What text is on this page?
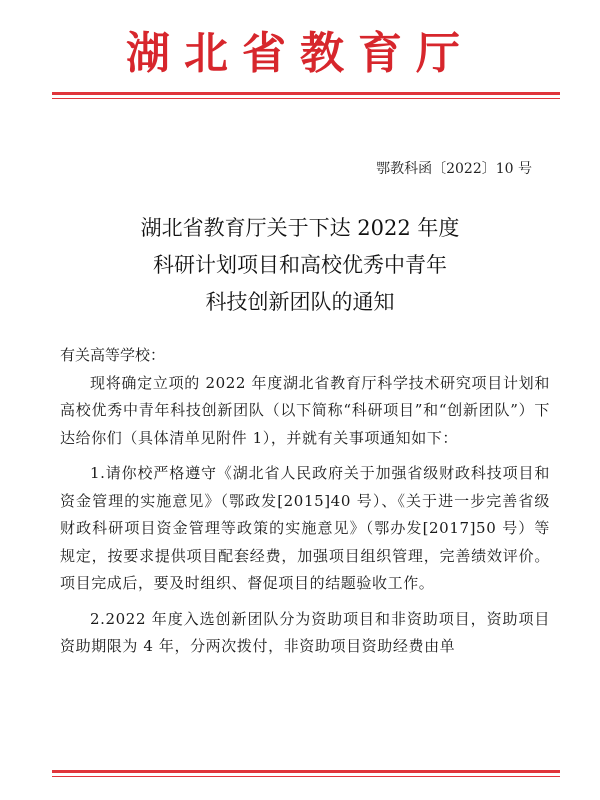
湖北省教育厅
鄂教科函〔2022〕10 号
湖北省教育厅关于下达 2022 年度
科研计划项目和高校优秀中青年
科技创新团队的通知

有关高等学校：

现将确定立项的 2022 年度湖北省教育厅科学技术研究项目计划和高校优秀中青年科技创新团队（以下简称“科研项目”和“创新团队”）下达给你们（具体清单见附件 1），并就有关事项通知如下：

1.请你校严格遵守《湖北省人民政府关于加强省级财政科技项目和资金管理的实施意见》（鄂政发[2015]40 号）、《关于进一步完善省级财政科研项目资金管理等政策的实施意见》（鄂办发[2017]50 号）等规定，按要求提供项目配套经费，加强项目组织管理，完善绩效评价。项目完成后，要及时组织、督促项目的结题验收工作。

2.2022 年度入选创新团队分为资助项目和非资助项目，资助项目资助期限为 4 年，分两次拨付，非资助项目资助经费由单
